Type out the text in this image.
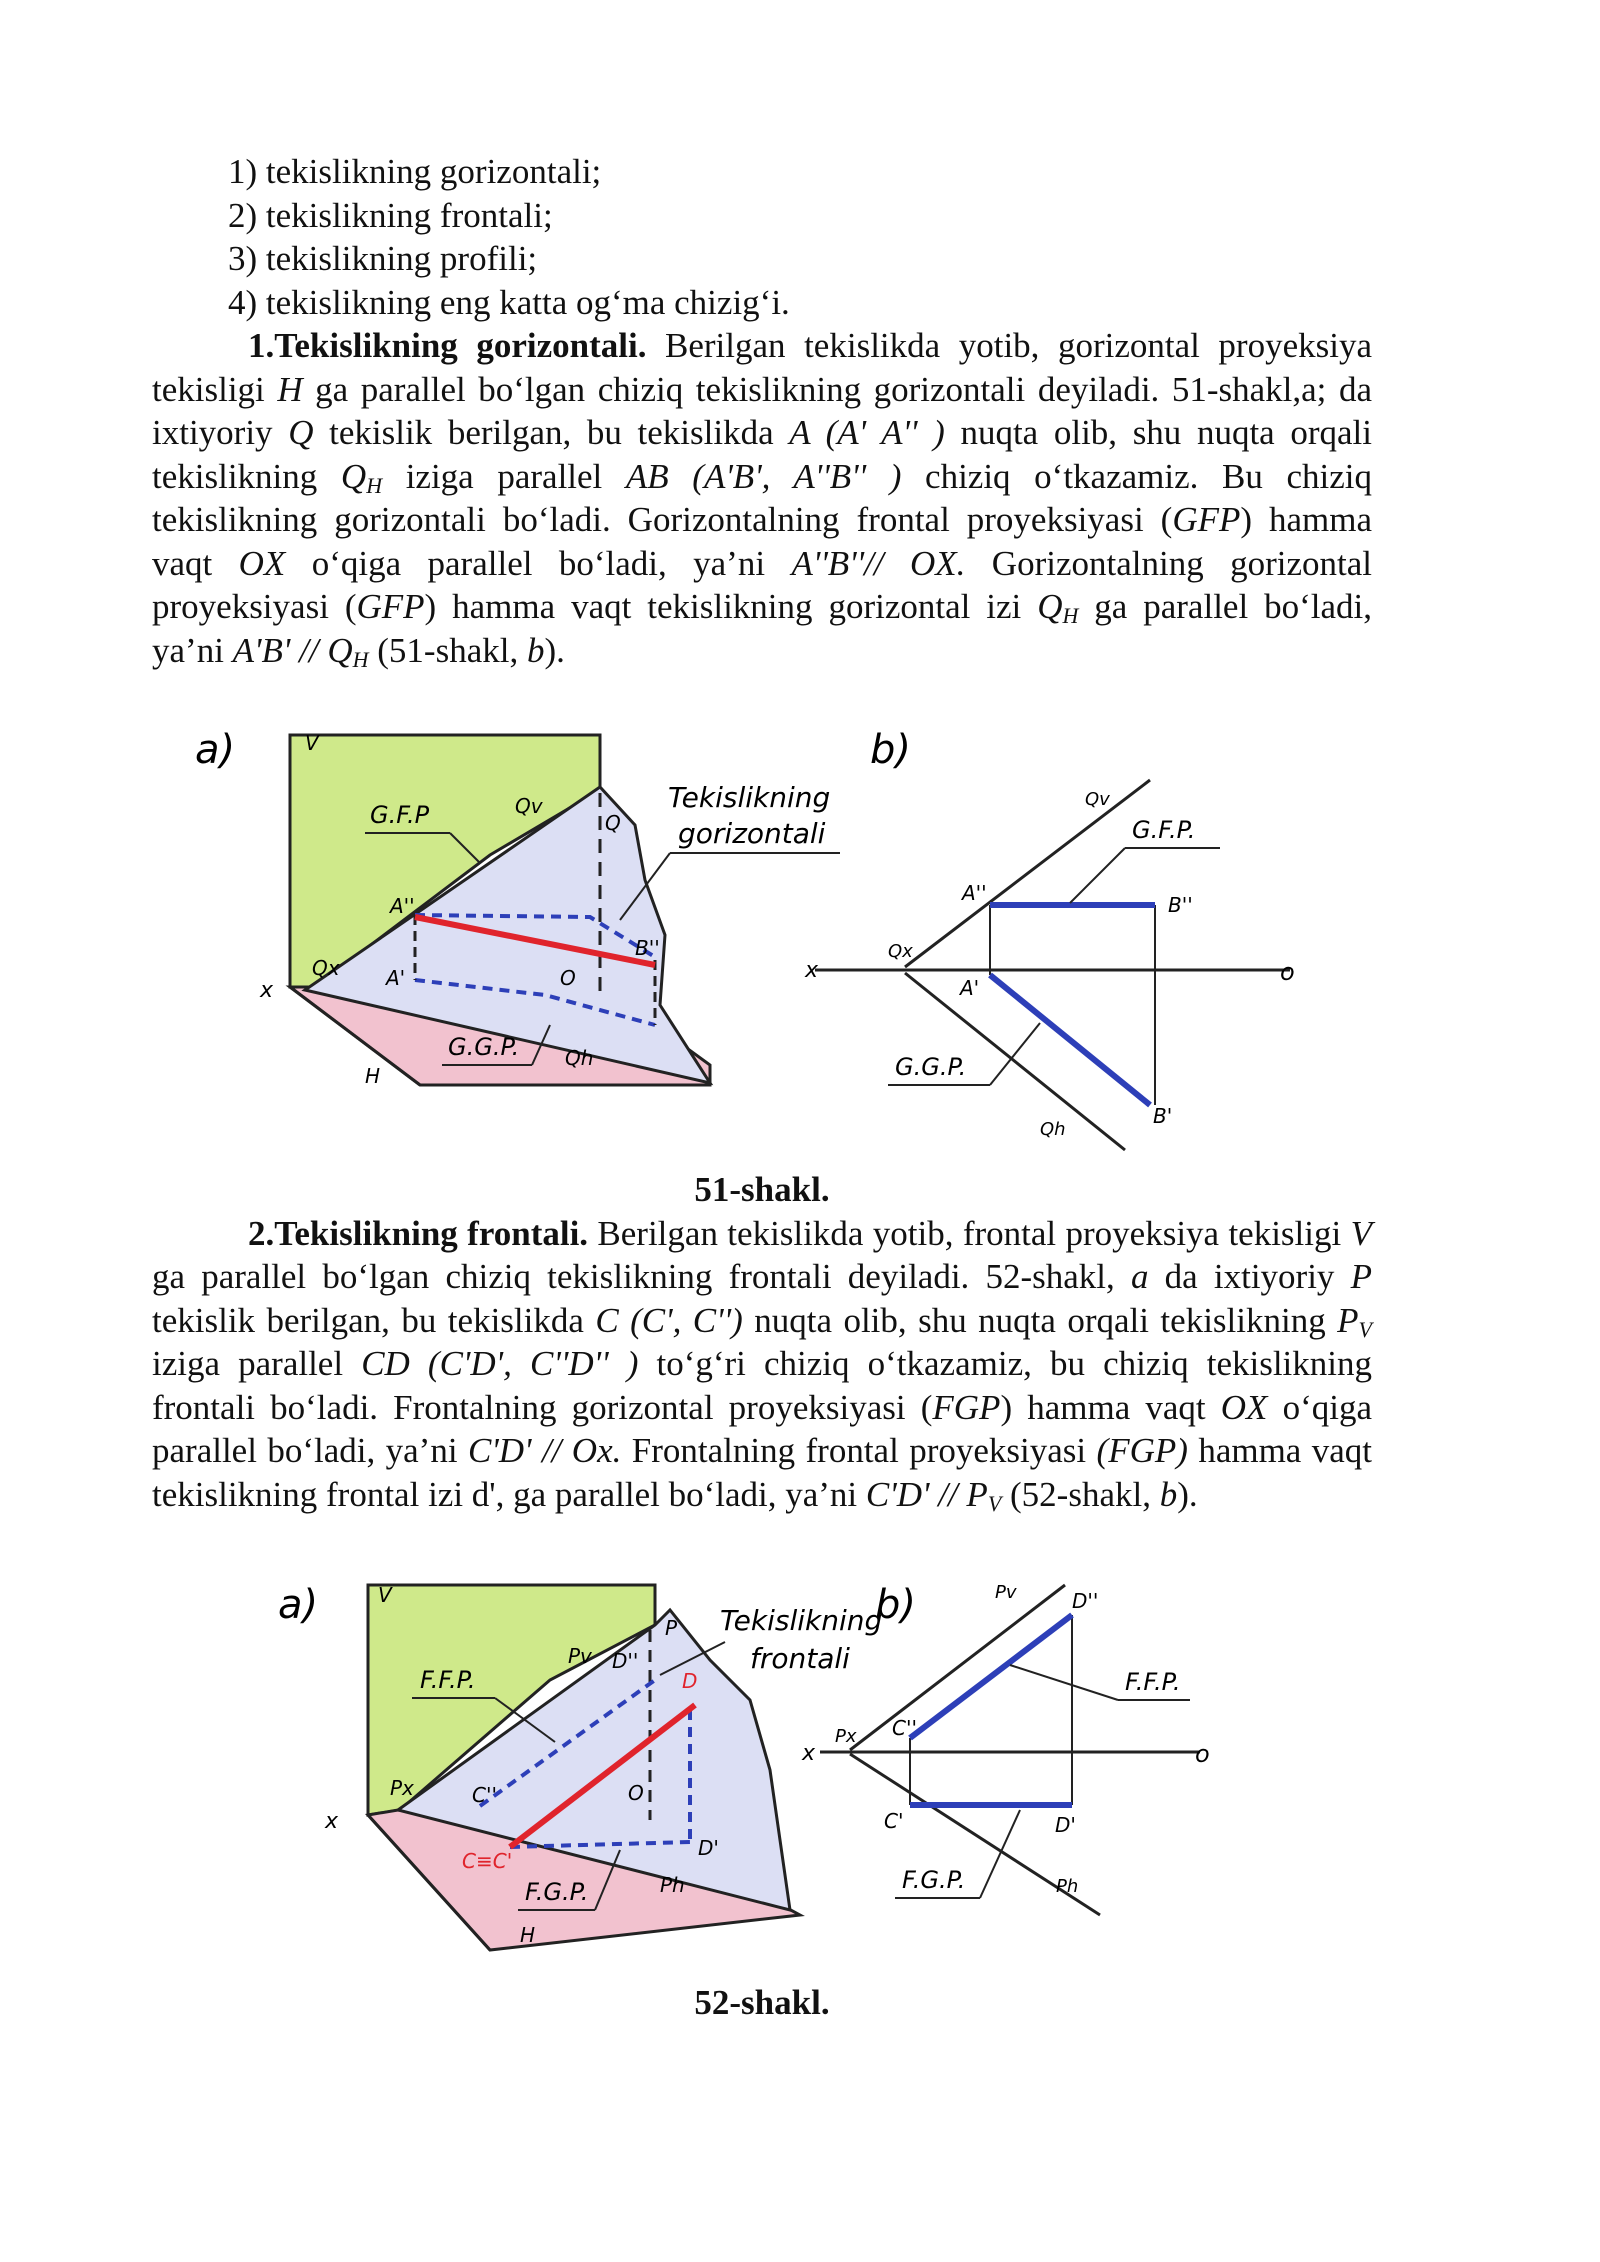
1) tekislikning gorizontali;
2) tekislikning frontali;
3) tekislikning profili;
4) tekislikning eng katta og‘ma chizig‘i.

1.Tekislikning gorizontali. Berilgan tekislikda yotib, gorizontal proyeksiya tekisligi H ga parallel bo‘lgan chiziq tekislikning gorizontali deyiladi. 51-shakl,a; da ixtiyoriy Q tekislik berilgan, bu tekislikda A (A' A'' ) nuqta olib, shu nuqta orqali tekislikning $Q_H$ iziga parallel AB (A'B', A''B'' ) chiziq o‘tkazamiz. Bu chiziq tekislikning gorizontali bo‘ladi. Gorizontalning frontal proyeksiyasi (GFP) hamma vaqt OX o‘qiga parallel bo‘ladi, ya’ni A''B''// OX. Gorizontalning gorizontal proyeksiyasi (GFP) hamma vaqt tekislikning gorizontal izi $Q_H$ ga parallel bo‘ladi, ya’ni $A'B' // Q_H$ (51-shakl, b).

a)	V
H
x
Qv
Qx
Qh
Q
A''
A'
B''
O
G.F.P
G.G.P.
Tekislikning
gorizontali
b)
x	o
Qv
Qx
Qh
A''
A'
B''
B'
G.F.P.
G.G.P.
51-shakl.

2.Tekislikning frontali. Berilgan tekislikda yotib, frontal proyeksiya tekisligi V ga parallel bo‘lgan chiziq tekislikning frontali deyiladi. 52-shakl, a da ixtiyoriy P tekislik berilgan, bu tekislikda C (C', C'') nuqta olib, shu nuqta orqali tekislikning $P_V$ iziga parallel CD (C'D', C''D'' ) to‘g‘ri chiziq o‘tkazamiz, bu chiziq tekislikning frontali bo‘ladi. Frontalning gorizontal proyeksiyasi (FGP) hamma vaqt OX o‘qiga parallel bo‘ladi, ya’ni C'D' // Ox. Frontalning frontal proyeksiyasi (FGP) hamma vaqt tekislikning frontal izi d', ga parallel bo‘ladi, ya’ni $C'D' // P_V$ (52-shakl, b).

a)	V
H
x
P
Pv
Px
Ph
C''
C≡C'
D''
D
D'
O
F.F.P.
F.G.P.
Tekislikning
frontali
b)
x	o
Pv
Px
Ph
C''
C'
D''
D'
F.F.P.
F.G.P.
52-shakl.
